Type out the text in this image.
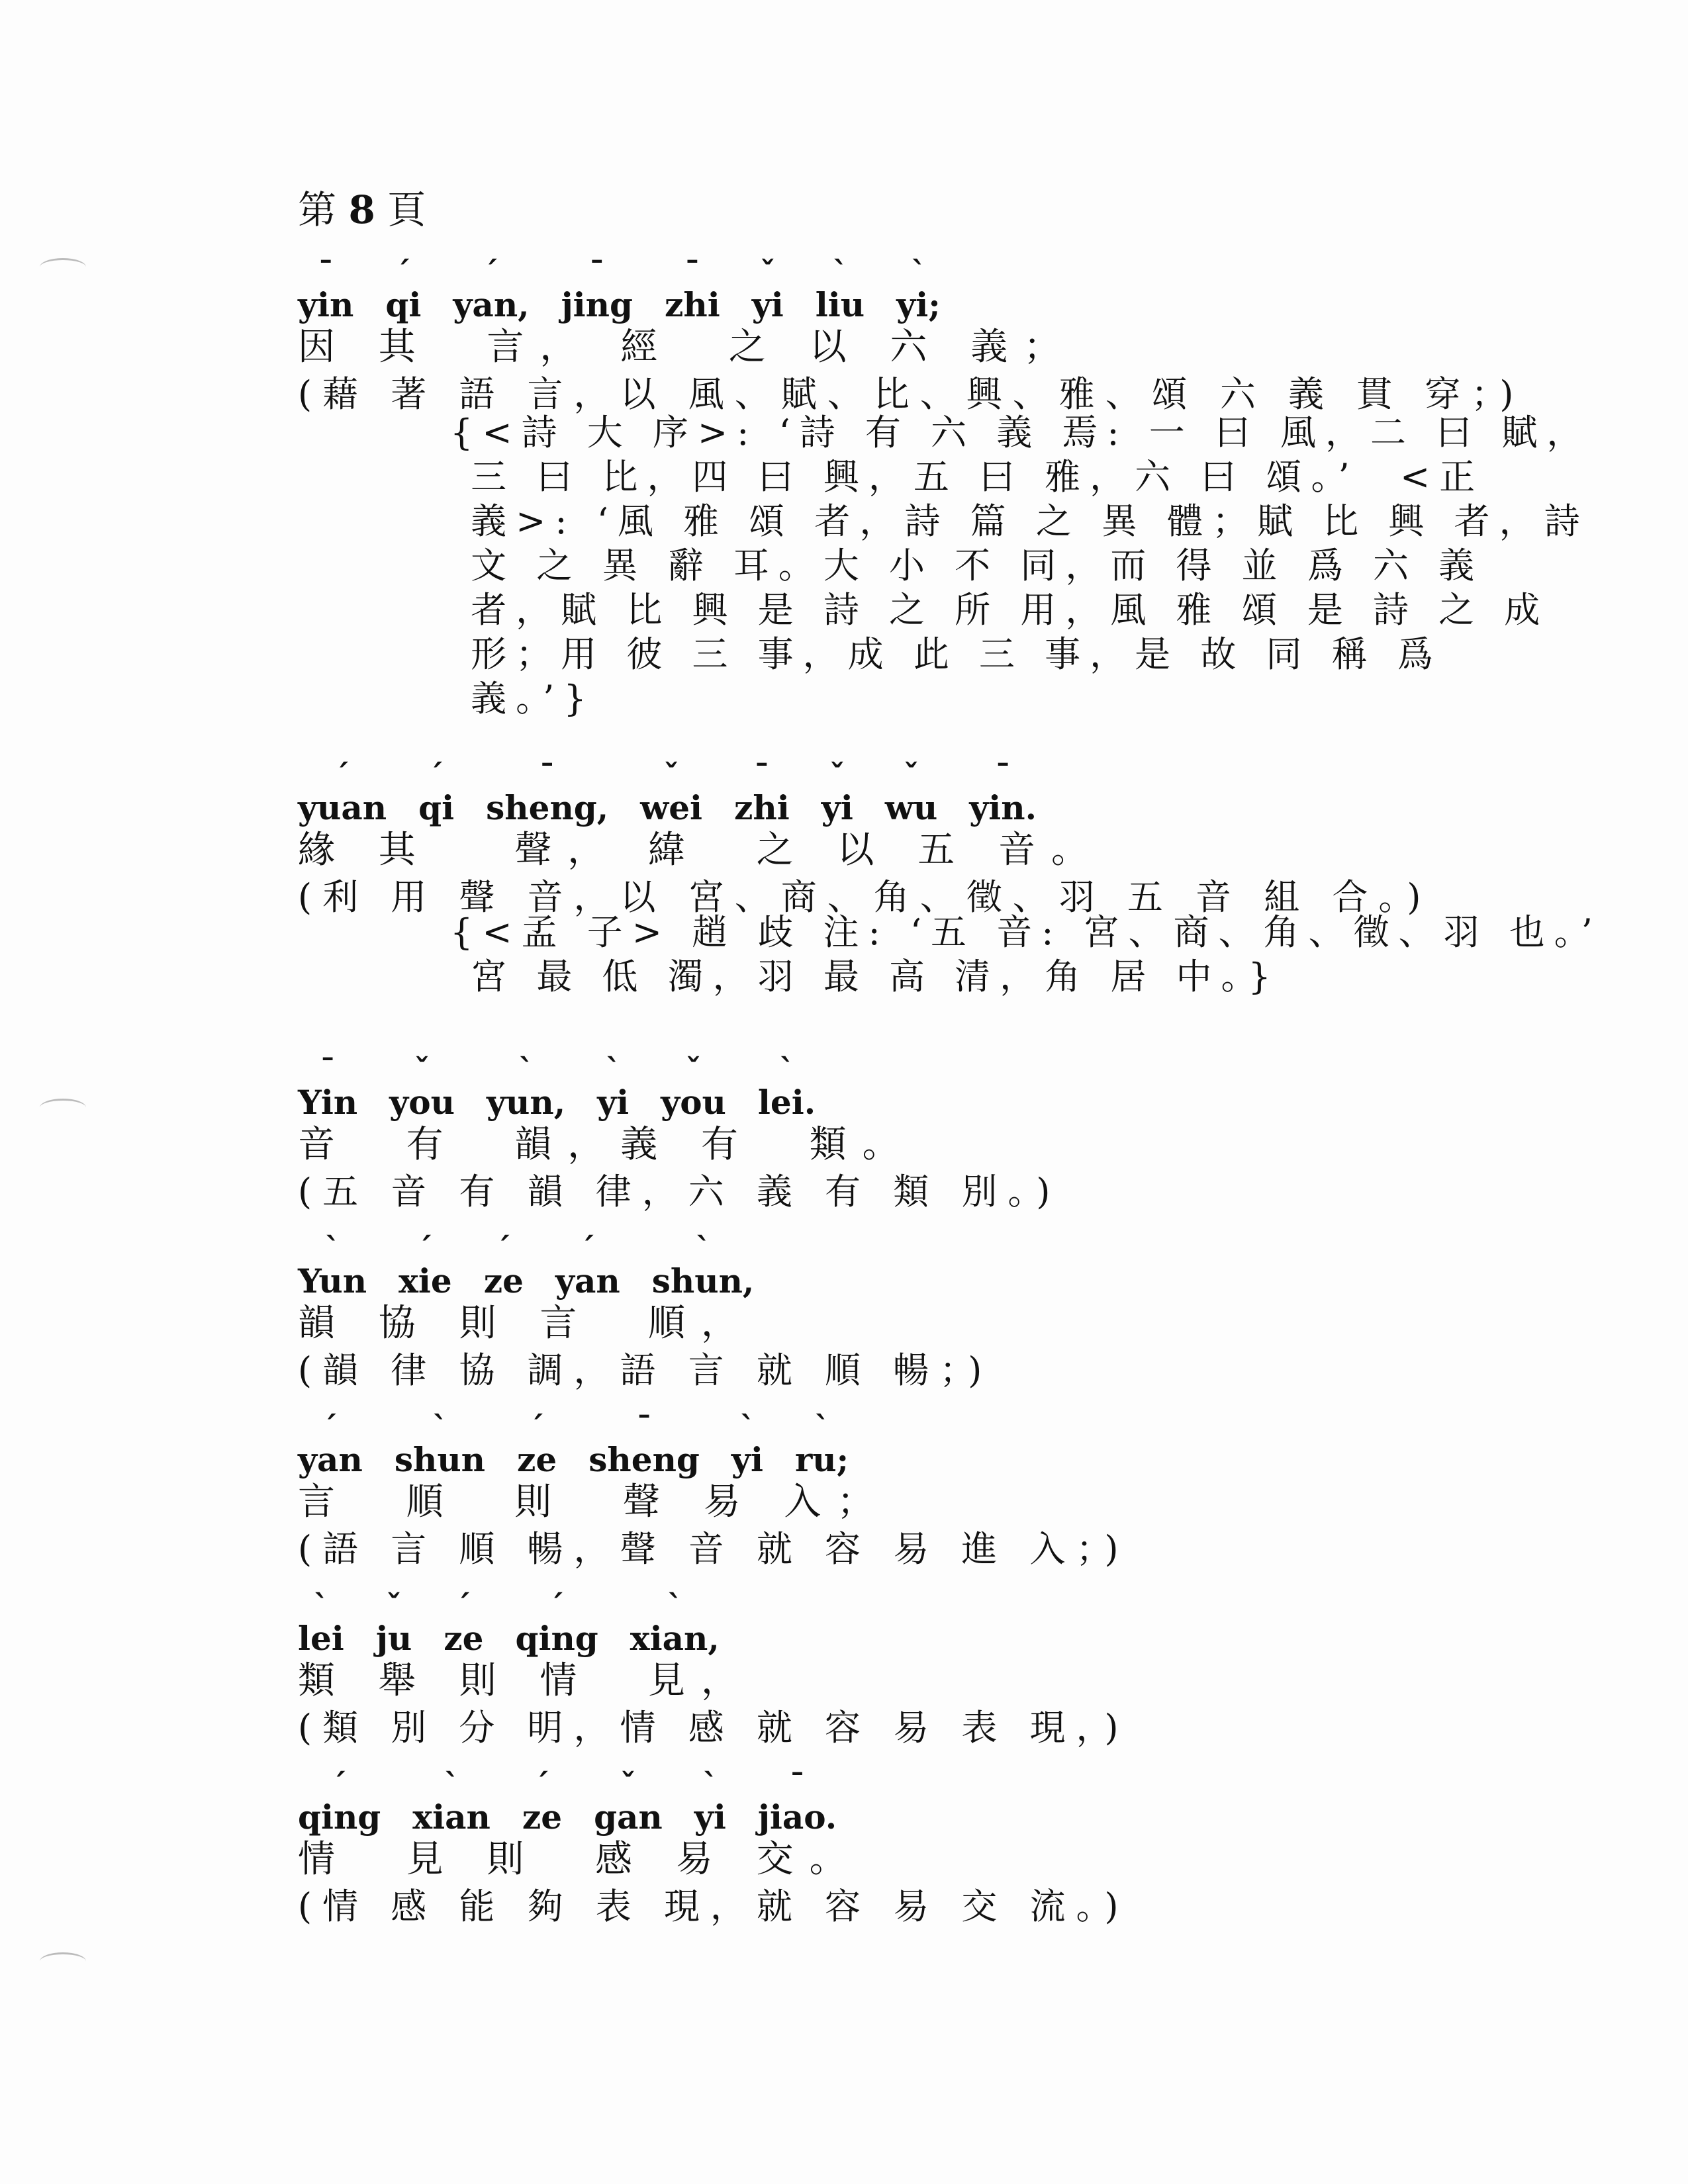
第 8 頁
¯
yin
ˊ
qi
ˊ
yan,
¯
jing
¯
zhi
ˇ
yi
ˋ
liu
ˋ
yi;
因 其  言， 經  之 以 六 義；
(藉 著 語 言，以 風、賦、比、興、雅、頌 六 義 貫 穿；)
ˊ
yuan
ˊ
qi
¯
sheng,
ˇ
wei
¯
zhi
ˇ
yi
ˇ
wu
¯
yin.
緣 其   聲， 緯  之 以 五 音。
(利 用 聲 音，以 宮、商、角、徵、羽 五 音 組 合。)
¯
Yin
ˇ
you
ˋ
yun,
ˋ
yi
ˇ
you
ˋ
lei.
音  有  韻，義 有  類。
(五 音 有 韻 律，六 義 有 類 別。)
ˋ
Yun
ˊ
xie
ˊ
ze
ˊ
yan
ˋ
shun,
韻 協 則 言  順，
(韻 律 協 調，語 言 就 順 暢；)
ˊ
yan
ˋ
shun
ˊ
ze
¯
sheng
ˋ
yi
ˋ
ru;
言  順  則  聲 易 入；
(語 言 順 暢，聲 音 就 容 易 進 入；)
ˋ
lei
ˇ
ju
ˊ
ze
ˊ
qing
ˋ
xian,
類 舉 則 情  見，
(類 別 分 明，情 感 就 容 易 表 現，)
ˊ
qing
ˋ
xian
ˊ
ze
ˇ
gan
ˋ
yi
¯
jiao.
情  見 則  感 易 交。
(情 感 能 夠 表 現，就 容 易 交 流。)
{<詩 大 序>: ‘詩 有 六 義 焉: 一 曰 風，二 曰 賦，
三 曰 比，四 曰 興，五 曰 雅，六 曰 頌。’  <正
義>: ‘風 雅 頌 者，詩 篇 之 異 體；賦 比 興 者，詩
文 之 異 辭 耳。大 小 不 同，而 得 並 爲 六 義
者，賦 比 興 是 詩 之 所 用，風 雅 頌 是 詩 之 成
形；用 彼 三 事，成 此 三 事，是 故 同 稱 爲
義。’}
{<孟 子> 趙 歧 注: ‘五 音: 宮、商、角、徵、羽 也。’
宮 最 低 濁，羽 最 高 清，角 居 中。}
